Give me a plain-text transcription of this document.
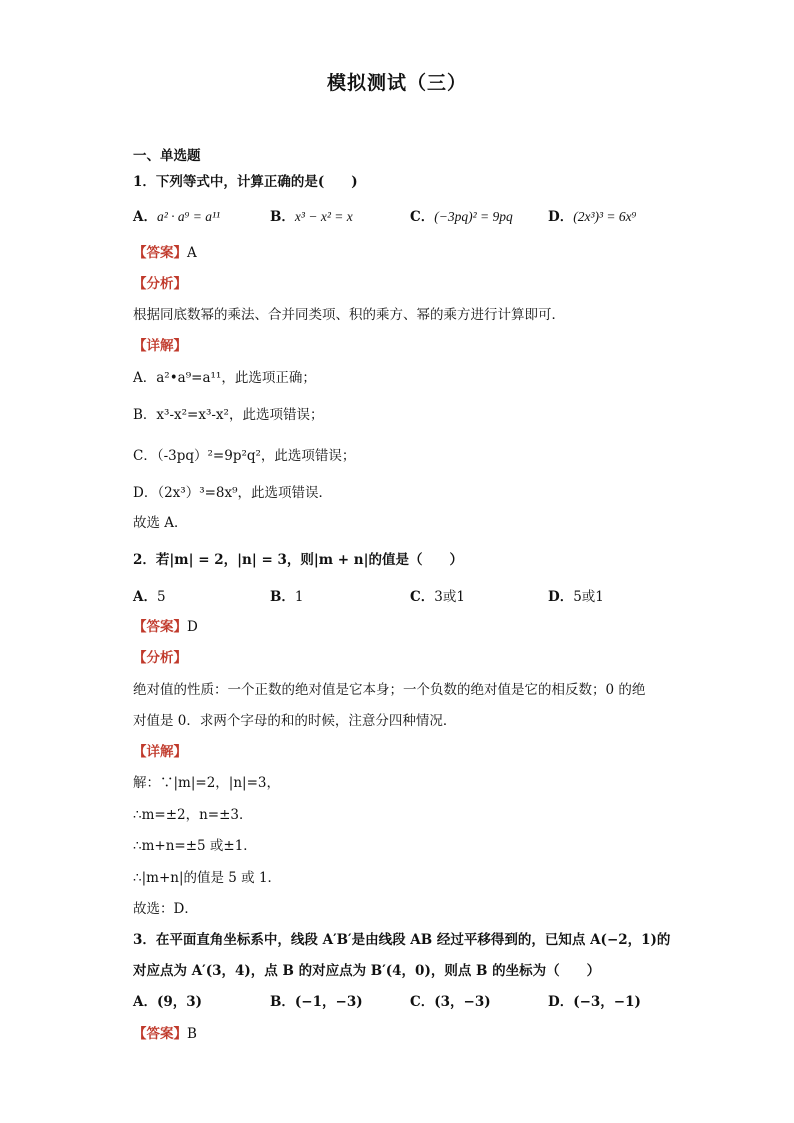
模拟测试（三）
一、单选题
1．下列等式中，计算正确的是(　　)
A．a² · a⁹ = a¹¹	B．x³ − x² = x	C．(−3pq)² = 9pq	D．(2x³)³ = 6x⁹
【答案】A
【分析】
根据同底数幂的乘法、合并同类项、积的乘方、幂的乘方进行计算即可．
【详解】
A．a²•a⁹=a¹¹，此选项正确；
B．x³-x²=x³-x²，此选项错误；
C．（-3pq）²=9p²q²，此选项错误；
D．（2x³）³=8x⁹，此选项错误．
故选 A．
2．若|m| = 2，|n| = 3，则|m + n|的值是（　　）
A．5	B．1	C．3或1	D．5或1
【答案】D
【分析】
绝对值的性质：一个正数的绝对值是它本身；一个负数的绝对值是它的相反数；0 的绝
对值是 0．求两个字母的和的时候，注意分四种情况．
【详解】
解：∵|m|=2，|n|=3，
∴m=±2，n=±3．
∴m+n=±5 或±1．
∴|m+n|的值是 5 或 1．
故选：D．
3．在平面直角坐标系中，线段 A′B′是由线段 AB 经过平移得到的，已知点 A(−2，1)的
对应点为 A′(3，4)，点 B 的对应点为 B′(4，0)，则点 B 的坐标为（　　）
A．(9，3)	B．(−1，−3)	C．(3，−3)	D．(−3，−1)
【答案】B
